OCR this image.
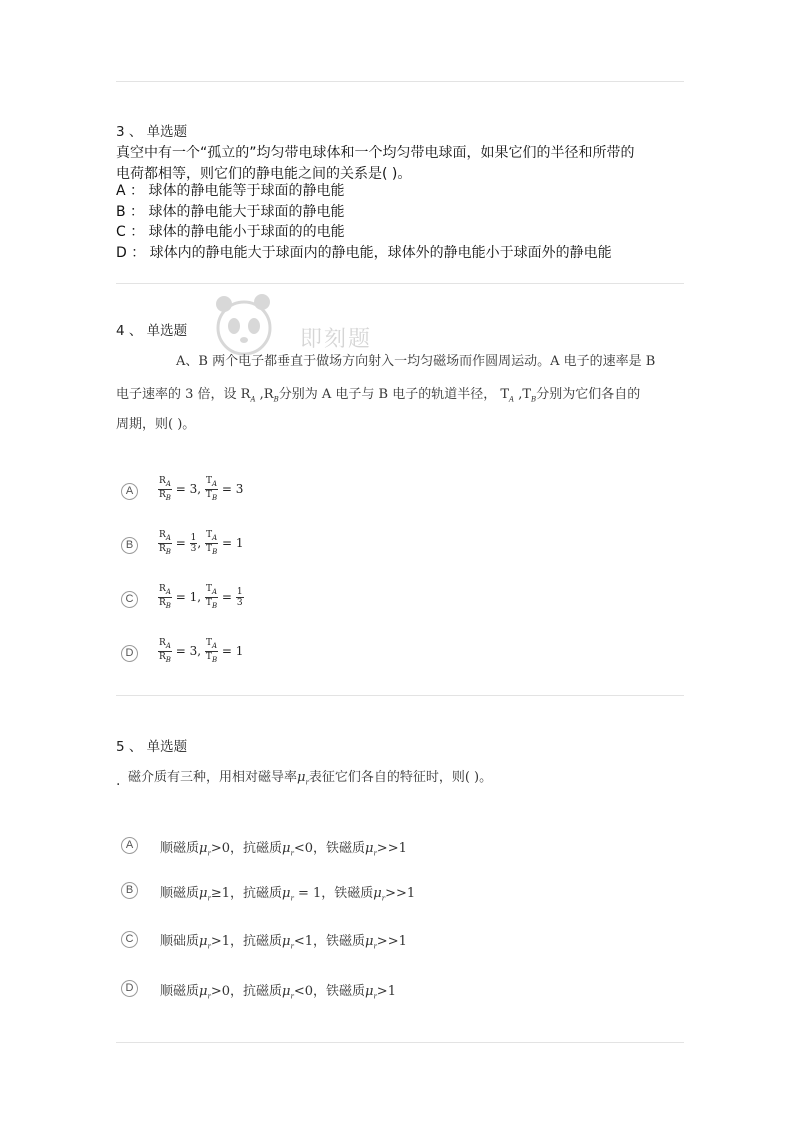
3 、 单选题
真空中有一个“孤立的”均匀带电球体和一个均匀带电球面，如果它们的半径和所带的
电荷都相等，则它们的静电能之间的关系是( )。
A ： 球体的静电能等于球面的静电能
B ： 球体的静电能大于球面的静电能
C ： 球体的静电能小于球面的的电能
D ： 球体内的静电能大于球面内的静电能，球体外的静电能小于球面外的静电能
4 、 单选题	即刻题
A、B 两个电子都垂直于做场方向射入一均匀磁场而作圆周运动。A 电子的速率是 B
电子速率的 3 倍，设 $R_A$ $,R_B$分别为 A 电子与 B 电子的轨道半径， $T_A$ $,T_B$分别为它们各自的
周期，则( )。
A	$\frac{R_A}{R_B} = 3$, $\frac{T_A}{T_B} = 3$
B	$\frac{R_A}{R_B} = \frac{1}{3}$ , $\frac{T_A}{T_B} = 1$
C	$\frac{R_A}{R_B} = 1$, $\frac{T_A}{T_B} = \frac{1}{3}$
D	$\frac{R_A}{R_B} = 3$, $\frac{T_A}{T_B} = 1$
5 、 单选题
. 磁介质有三种，用相对磁导率$\mu_r$表征它们各自的特征时，则( )。
A	顺磁质$\mu_r>0$，抗磁质$\mu_r<0$，铁磁质$\mu_r>>1$
B	顺磁质$\mu_r\ge 1$，抗磁质$\mu_r = 1$，铁磁质$\mu_r>>1$
C	顺础质$\mu_r>1$，抗磁质$\mu_r<1$，铁磁质$\mu_r>>1$
D	顺磁质$\mu_r>0$，抗磁质$\mu_r<0$，铁磁质$\mu_r>1$
